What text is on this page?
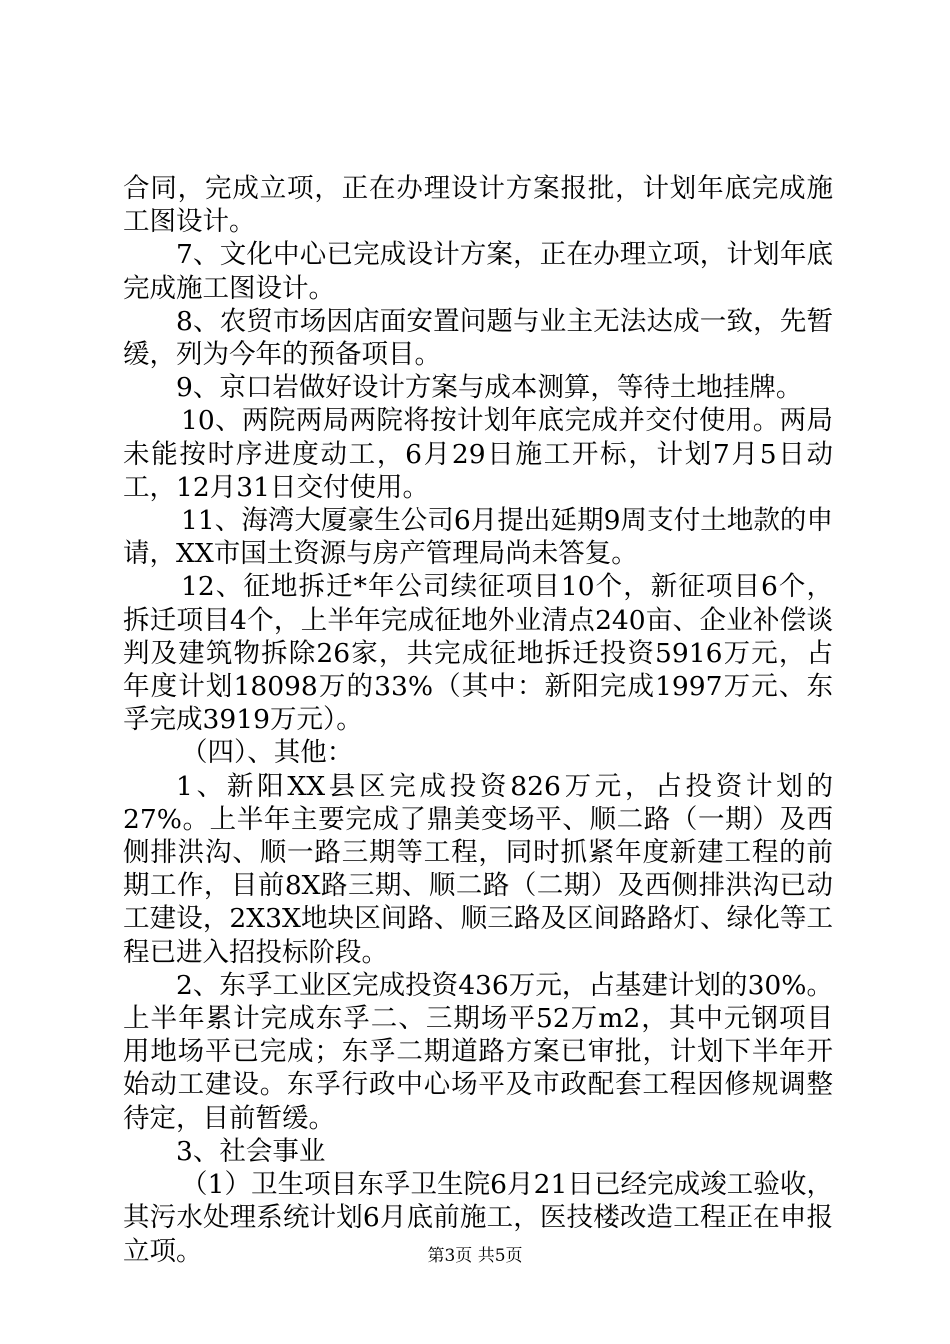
合同，完成立项，正在办理设计方案报批，计划年底完成施工图设计。

7、文化中心已完成设计方案，正在办理立项，计划年底完成施工图设计。

8、农贸市场因店面安置问题与业主无法达成一致，先暂缓，列为今年的预备项目。

9、京口岩做好设计方案与成本测算，等待土地挂牌。

10、两院两局两院将按计划年底完成并交付使用。两局未能按时序进度动工，6月29日施工开标，计划7月5日动工，12月31日交付使用。

11、海湾大厦豪生公司6月提出延期9周支付土地款的申请，XX市国土资源与房产管理局尚未答复。

12、征地拆迁*年公司续征项目10个，新征项目6个，拆迁项目4个，上半年完成征地外业清点240亩、企业补偿谈判及建筑物拆除26家，共完成征地拆迁投资5916万元，占年度计划18098万的33%（其中：新阳完成1997万元、东孚完成3919万元）。

（四）、其他：

1、新阳XX县区完成投资826万元，占投资计划的27%。上半年主要完成了鼎美变场平、顺二路（一期）及西侧排洪沟、顺一路三期等工程，同时抓紧年度新建工程的前期工作，目前8X路三期、顺二路（二期）及西侧排洪沟已动工建设，2X3X地块区间路、顺三路及区间路路灯、绿化等工程已进入招投标阶段。

2、东孚工业区完成投资436万元，占基建计划的30%。上半年累计完成东孚二、三期场平52万m2，其中元钢项目用地场平已完成；东孚二期道路方案已审批，计划下半年开始动工建设。东孚行政中心场平及市政配套工程因修规调整待定，目前暂缓。

3、社会事业

（1）卫生项目东孚卫生院6月21日已经完成竣工验收，其污水处理系统计划6月底前施工，医技楼改造工程正在申报立项。	第3页 共5页
